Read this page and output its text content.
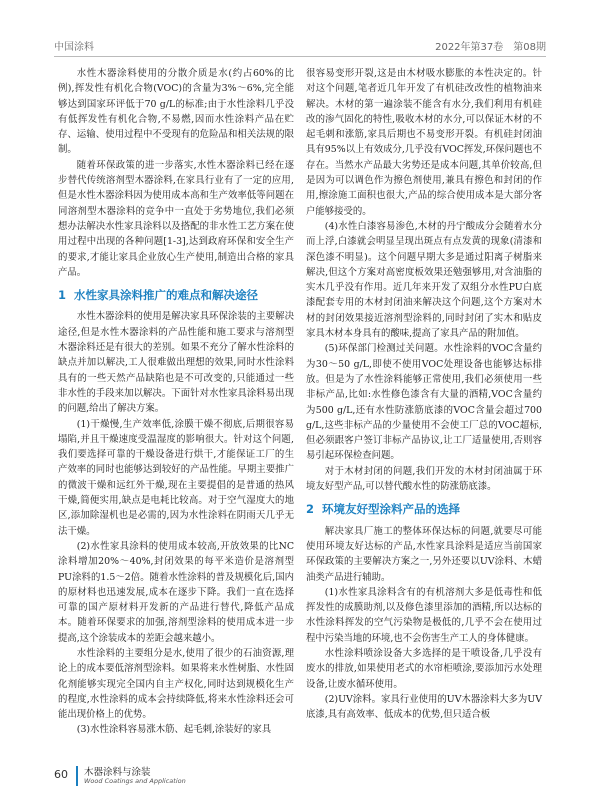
中国涂料	2022年第37卷　第08期

水性木器涂料使用的分散介质是水(约占60%的比例),挥发性有机化合物(VOC)的含量为3%～6%,完全能够达到国家环评低于70 g/L的标准;由于水性涂料几乎没有低挥发性有机化合物,不易燃,因而水性涂料产品在贮存、运输、使用过程中不受现有的危险品和相关法规的限制。

随着环保政策的进一步落实,水性木器涂料已经在逐步替代传统溶剂型木器涂料,在家具行业有了一定的应用,但是水性木器涂料因为使用成本高和生产效率低等问题在同溶剂型木器涂料的竞争中一直处于劣势地位,我们必须想办法解决水性家具涂料以及搭配的非水性工艺方案在使用过程中出现的各种问题[1-3],达到政府环保和安全生产的要求,才能让家具企业放心生产使用,制造出合格的家具产品。

1 水性家具涂料推广的难点和解决途径

水性木器涂料的使用是解决家具环保涂装的主要解决途径,但是水性木器涂料的产品性能和施工要求与溶剂型木器涂料还是有很大的差别。如果不充分了解水性涂料的缺点并加以解决,工人很难做出理想的效果,同时水性涂料具有的一些天然产品缺陷也是不可改变的,只能通过一些非水性的手段来加以解决。下面针对水性家具涂料易出现的问题,给出了解决方案。

(1)干燥慢,生产效率低,涂膜干燥不彻底,后期很容易塌陷,并且干燥速度受温湿度的影响很大。针对这个问题,我们要选择可靠的干燥设备进行烘干,才能保证工厂的生产效率的同时也能够达到较好的产品性能。早期主要推广的微波干燥和远红外干燥,现在主要提倡的是普通的热风干燥,简便实用,缺点是电耗比较高。对于空气湿度大的地区,添加除湿机也是必需的,因为水性涂料在阴雨天几乎无法干燥。

(2)水性家具涂料的使用成本较高,开放效果的比NC涂料增加20%～40%,封闭效果的每平米造价是溶剂型PU涂料的1.5～2倍。随着水性涂料的普及规模化后,国内的原材料也迅速发展,成本在逐步下降。我们一直在选择可靠的国产原材料开发新的产品进行替代,降低产品成本。随着环保要求的加强,溶剂型涂料的使用成本进一步提高,这个涂装成本的差距会越来越小。

水性涂料的主要组分是水,使用了很少的石油资源,理论上的成本要低溶剂型涂料。如果将来水性树脂、水性固化剂能够实现完全国内自主产权化,同时达到规模化生产的程度,水性涂料的成本会持续降低,将来水性涂料还会可能出现价格上的优势。

(3)水性涂料容易涨木筋、起毛刺,涂装好的家具

很容易变形开裂,这是由木材吸水膨胀的本性决定的。针对这个问题,笔者近几年开发了有机硅改改性的植物油来解决。木材的第一遍涂装不能含有水分,我们利用有机硅改的渗气固化的特性,吸收木材的水分,可以保证木材的不起毛刺和涨筋,家具后期也不易变形开裂。有机硅封闭油具有95%以上有效成分,几乎没有VOC挥发,环保问题也不存在。当然水产品最大劣势还是成本问题,其单价较高,但是因为可以调色作为擦色剂使用,兼具有擦色和封闭的作用,擦涂施工面积也很大,产品的综合使用成本是大部分客户能够接受的。

(4)水性白漆容易渗色,木材的丹宁酸成分会随着水分而上浮,白漆就会明显呈现出斑点有点发黄的现象(清漆和深色漆不明显)。这个问题早期大多是通过阳离子树脂来解决,但这个方案对高密度板效果还勉强够用,对含油脂的实木几乎没有作用。近几年来开发了双组分水性PU白底漆配套专用的木材封闭油来解决这个问题,这个方案对木材的封闭效果接近溶剂型涂料的,同时封闭了实木和贴皮家具木材本身具有的酸味,提高了家具产品的附加值。

(5)环保部门检测过关问题。水性涂料的VOC含量约为30～50 g/L,即使不使用VOC处理设备也能够达标排放。但是为了水性涂料能够正常使用,我们必须使用一些非标产品,比如:水性修色漆含有大量的酒精,VOC含量约为500 g/L,还有水性防涨筋底漆的VOC含量会超过700 g/L,这些非标产品的少量使用不会使工厂总的VOC超标,但必须跟客户签订非标产品协议,让工厂适量使用,否则容易引起环保检查问题。

对于木材封闭的问题,我们开发的木材封闭油属于环境友好型产品,可以替代酸水性的防涨筋底漆。

2 环境友好型涂料产品的选择

解决家具厂施工的整体环保达标的问题,就要尽可能使用环境友好达标的产品,水性家具涂料是适应当前国家环保政策的主要解决方案之一,另外还要以UV涂料、木蜡油类产品进行辅助。

(1)水性家具涂料含有的有机溶剂大多是低毒性和低挥发性的成膜助剂,以及修色漆里添加的酒精,所以达标的水性涂料挥发的空气污染物是极低的,几乎不会在使用过程中污染当地的环境,也不会伤害生产工人的身体健康。

水性涂料喷涂设备大多选择的是干喷设备,几乎没有废水的排放,如果使用老式的水帘柜喷涂,要添加污水处理设备,让废水循环使用。

(2)UV涂料。家具行业使用的UV木器涂料大多为UV底漆,具有高效率、低成本的优势,但只适合板

60 木器涂料与涂装
Wood Coatings and Application
